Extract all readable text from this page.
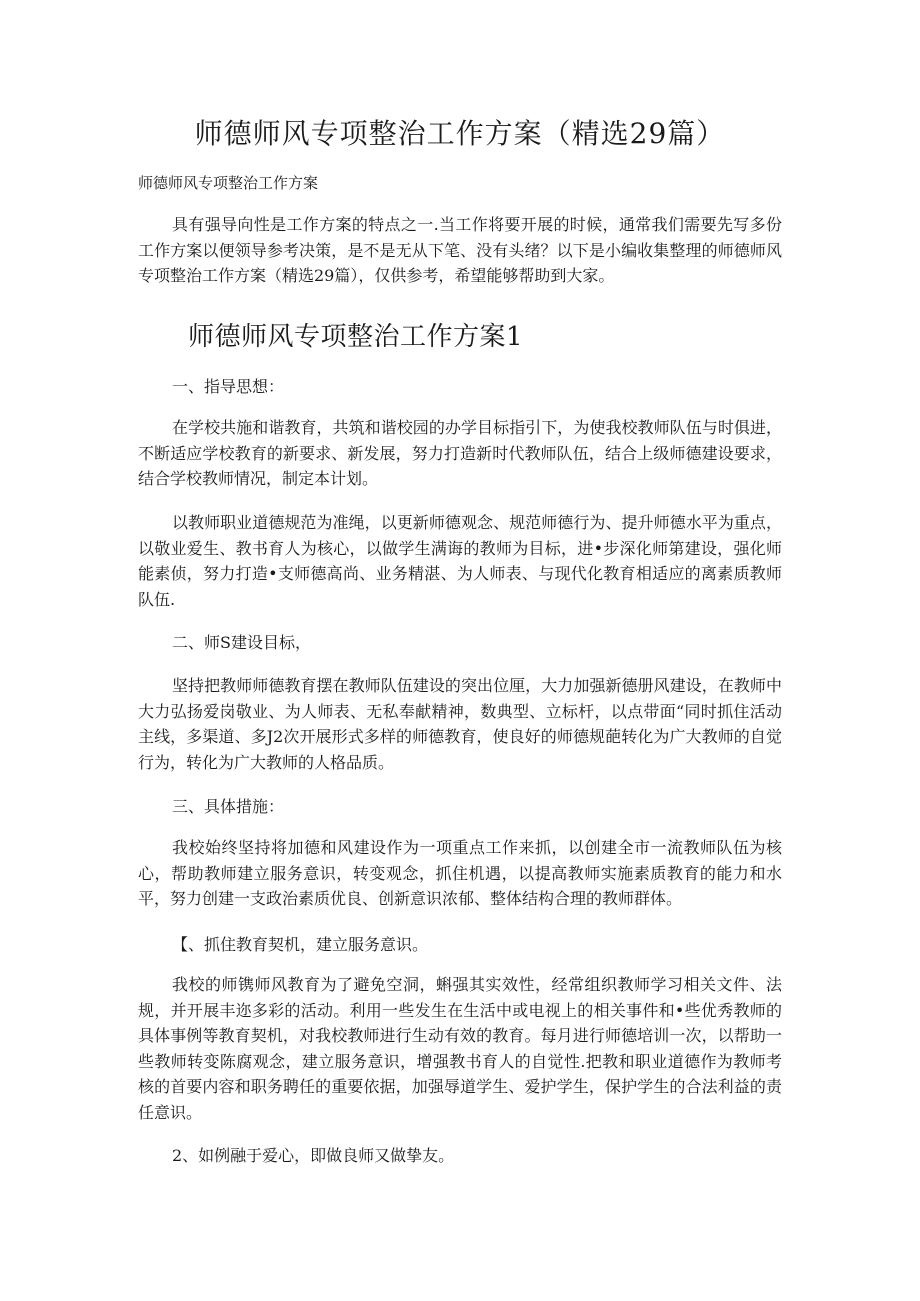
师德师风专项整治工作方案（精选29篇）

师德师风专项整治工作方案

具有强导向性是工作方案的特点之一.当工作将要开展的时候，通常我们需要先写多份工作方案以便领导参考决策，是不是无从下笔、没有头绪？以下是小编收集整理的师德师风专项整治工作方案（精选29篇），仅供参考，希望能够帮助到大家。

师德师风专项整治工作方案1

一、指导思想：

在学校共施和谐教育，共筑和谐校园的办学目标指引下，为使我校教师队伍与时俱进，不断适应学校教育的新要求、新发展，努力打造新时代教师队伍，结合上级师德建设要求，结合学校教师情况，制定本计划。

以教师职业道德规范为准绳，以更新师德观念、规范师德行为、提升师德水平为重点，以敬业爱生、教书育人为核心，以做学生满诲的教师为目标，进•步深化师第建设，强化师能素侦，努力打造•支师德高尚、业务精湛、为人师表、与现代化教育相适应的离素质教师队伍.

二、师S建设目标，

坚持把教师师德教育摆在教师队伍建设的突出位厘，大力加强新德册风建设，在教师中大力弘扬爱岗敬业、为人师表、无私奉献精神，数典型、立标杆，以点带面“同时抓住活动主线，多渠道、多J2次开展形式多样的师德教育，使良好的师德规葩转化为广大教师的自觉行为，转化为广大教师的人格品质。

三、具体措施：

我校始终坚持将加德和风建设作为一项重点工作来抓，以创建全市一流教师队伍为核心，帮助教师建立服务意识，转变观念，抓住机遇，以提高教师实施素质教育的能力和水平，努力创建一支政治素质优良、创新意识浓郁、整体结构合理的教师群体。

【、抓住教育契机，建立服务意识。

我校的师镌师风教育为了避免空洞，蝌强其实效性，经常组织教师学习相关文件、法规，并开展丰迩多彩的活动。利用一些发生在生活中或电视上的相关事件和•些优秀教师的具体事例等教育契机，对我校教师进行生动有效的教育。每月进行师德培训一次，以帮助一些教师转变陈腐观念，建立服务意识，增强教书育人的自觉性.把教和职业道德作为教师考核的首要内容和职务聘任的重要依据，加强辱道学生、爱护学生，保护学生的合法利益的责任意识。

2、如例融于爱心，即做良师又做挚友。
